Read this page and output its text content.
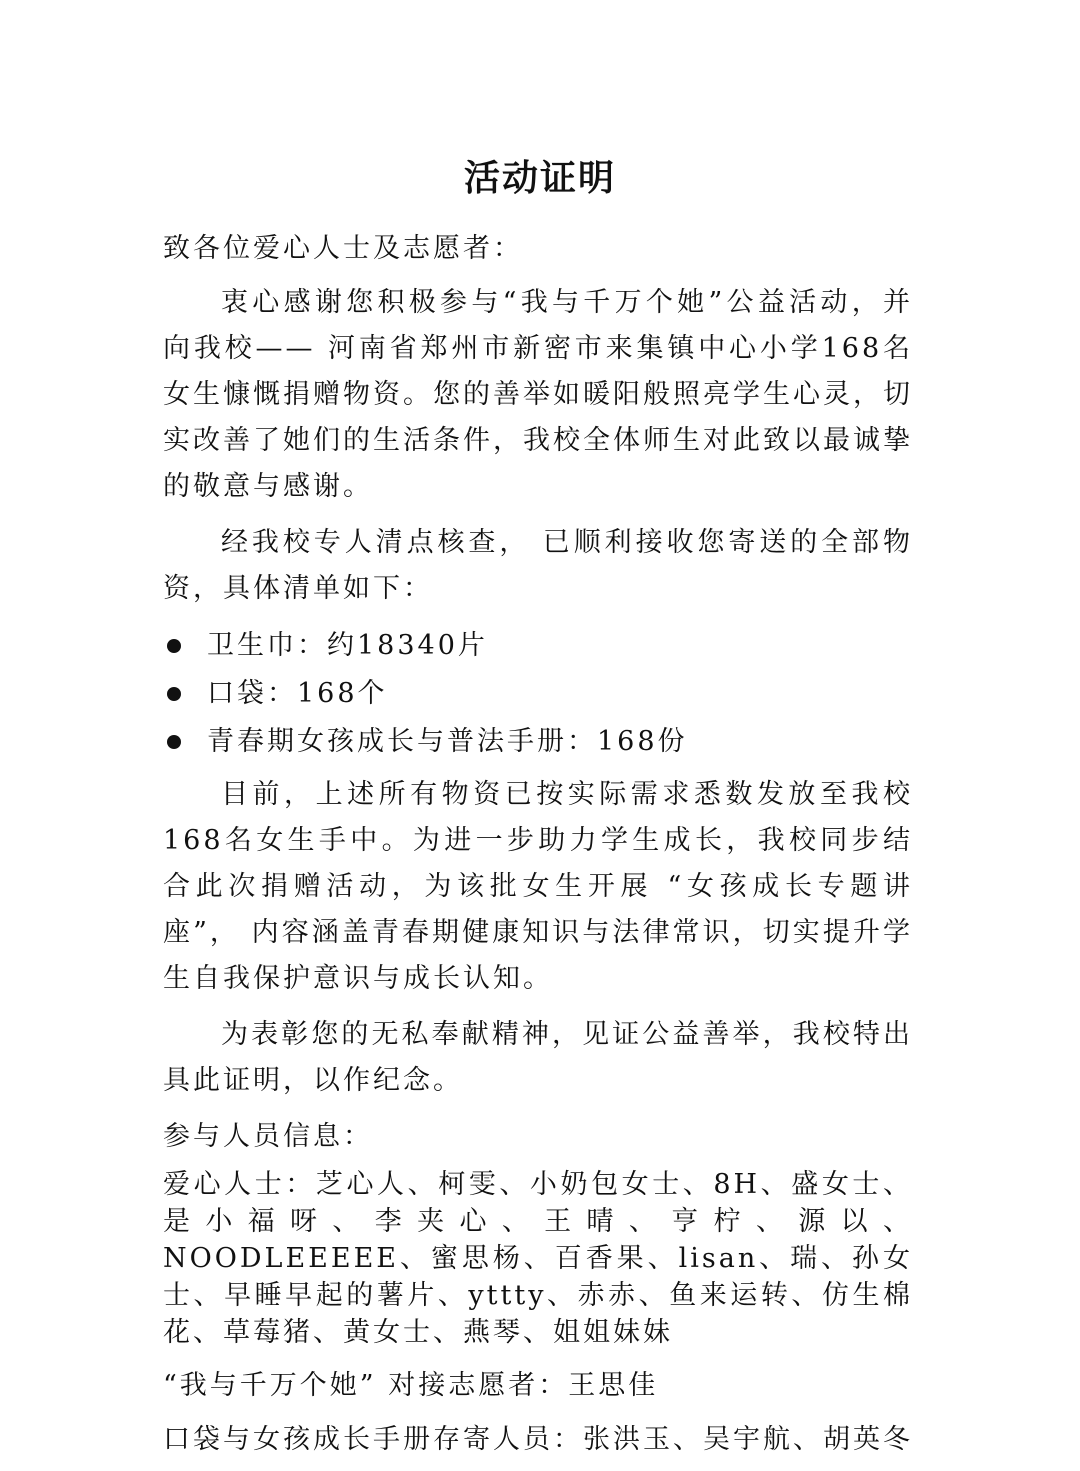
活动证明

致各位爱心人士及志愿者：

衷心感谢您积极参与“我与千万个她”公益活动，并向我校—— 河南省郑州市新密市来集镇中心小学168名女生慷慨捐赠物资。您的善举如暖阳般照亮学生心灵，切实改善了她们的生活条件，我校全体师生对此致以最诚挚的敬意与感谢。

经我校专人清点核查， 已顺利接收您寄送的全部物资，具体清单如下：

卫生巾：约18340片
口袋：168个
青春期女孩成长与普法手册：168份

目前，上述所有物资已按实际需求悉数发放至我校168名女生手中。为进一步助力学生成长，我校同步结合此次捐赠活动，为该批女生开展 “女孩成长专题讲座”， 内容涵盖青春期健康知识与法律常识，切实提升学生自我保护意识与成长认知。

为表彰您的无私奉献精神，见证公益善举，我校特出具此证明，以作纪念。

参与人员信息：

爱心人士：芝心人、柯雯、小奶包女士、8H、盛女士、是小福呀、李夹心、王晴、亨柠、源以、NOODLEEEEE、蜜思杨、百香果、lisan、瑞、孙女士、早睡早起的薯片、yttty、赤赤、鱼来运转、仿生棉花、草莓猪、黄女士、燕琴、姐姐妹妹

“我与千万个她” 对接志愿者：王思佳

口袋与女孩成长手册存寄人员：张洪玉、吴宇航、胡英冬
